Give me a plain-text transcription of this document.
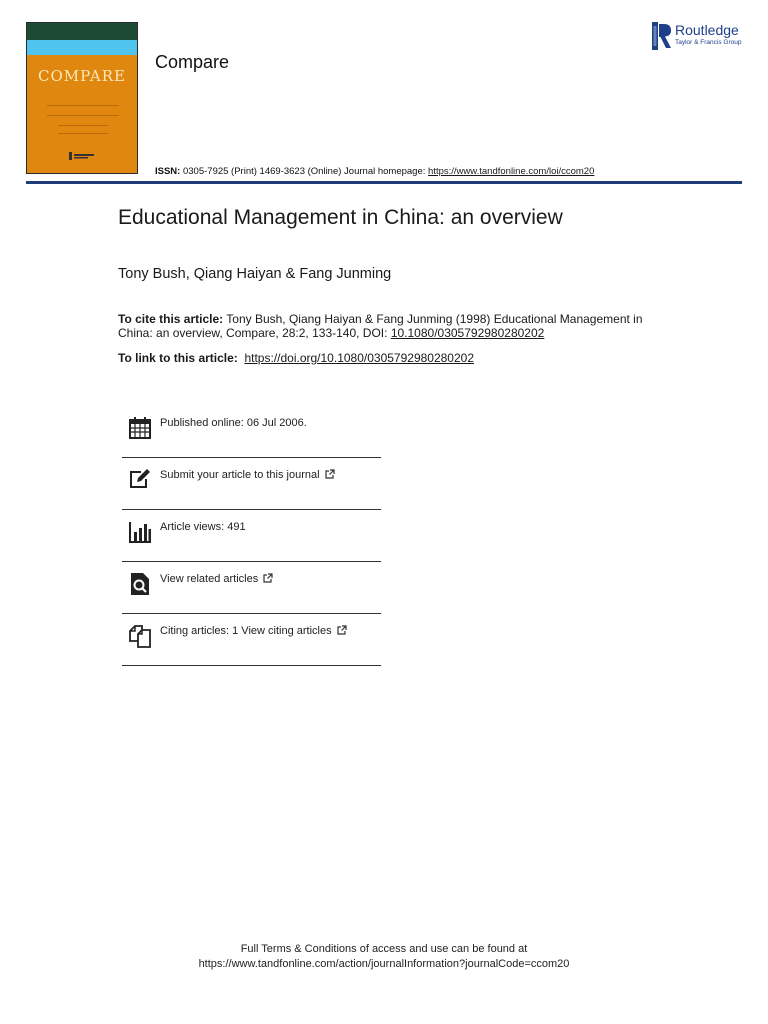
COMPARE
Compare
Routledge
Taylor & Francis Group
ISSN: 0305-7925 (Print) 1469-3623 (Online) Journal homepage: https://www.tandfonline.com/loi/ccom20
Educational Management in China: an overview
Tony Bush, Qiang Haiyan & Fang Junming
To cite this article: Tony Bush, Qiang Haiyan & Fang Junming (1998) Educational Management in China: an overview, Compare, 28:2, 133-140, DOI: 10.1080/0305792980280202
To link to this article: https://doi.org/10.1080/0305792980280202
Published online: 06 Jul 2006.
Submit your article to this journal
Article views: 491
View related articles
Citing articles: 1 View citing articles
Full Terms & Conditions of access and use can be found at
https://www.tandfonline.com/action/journalInformation?journalCode=ccom20
